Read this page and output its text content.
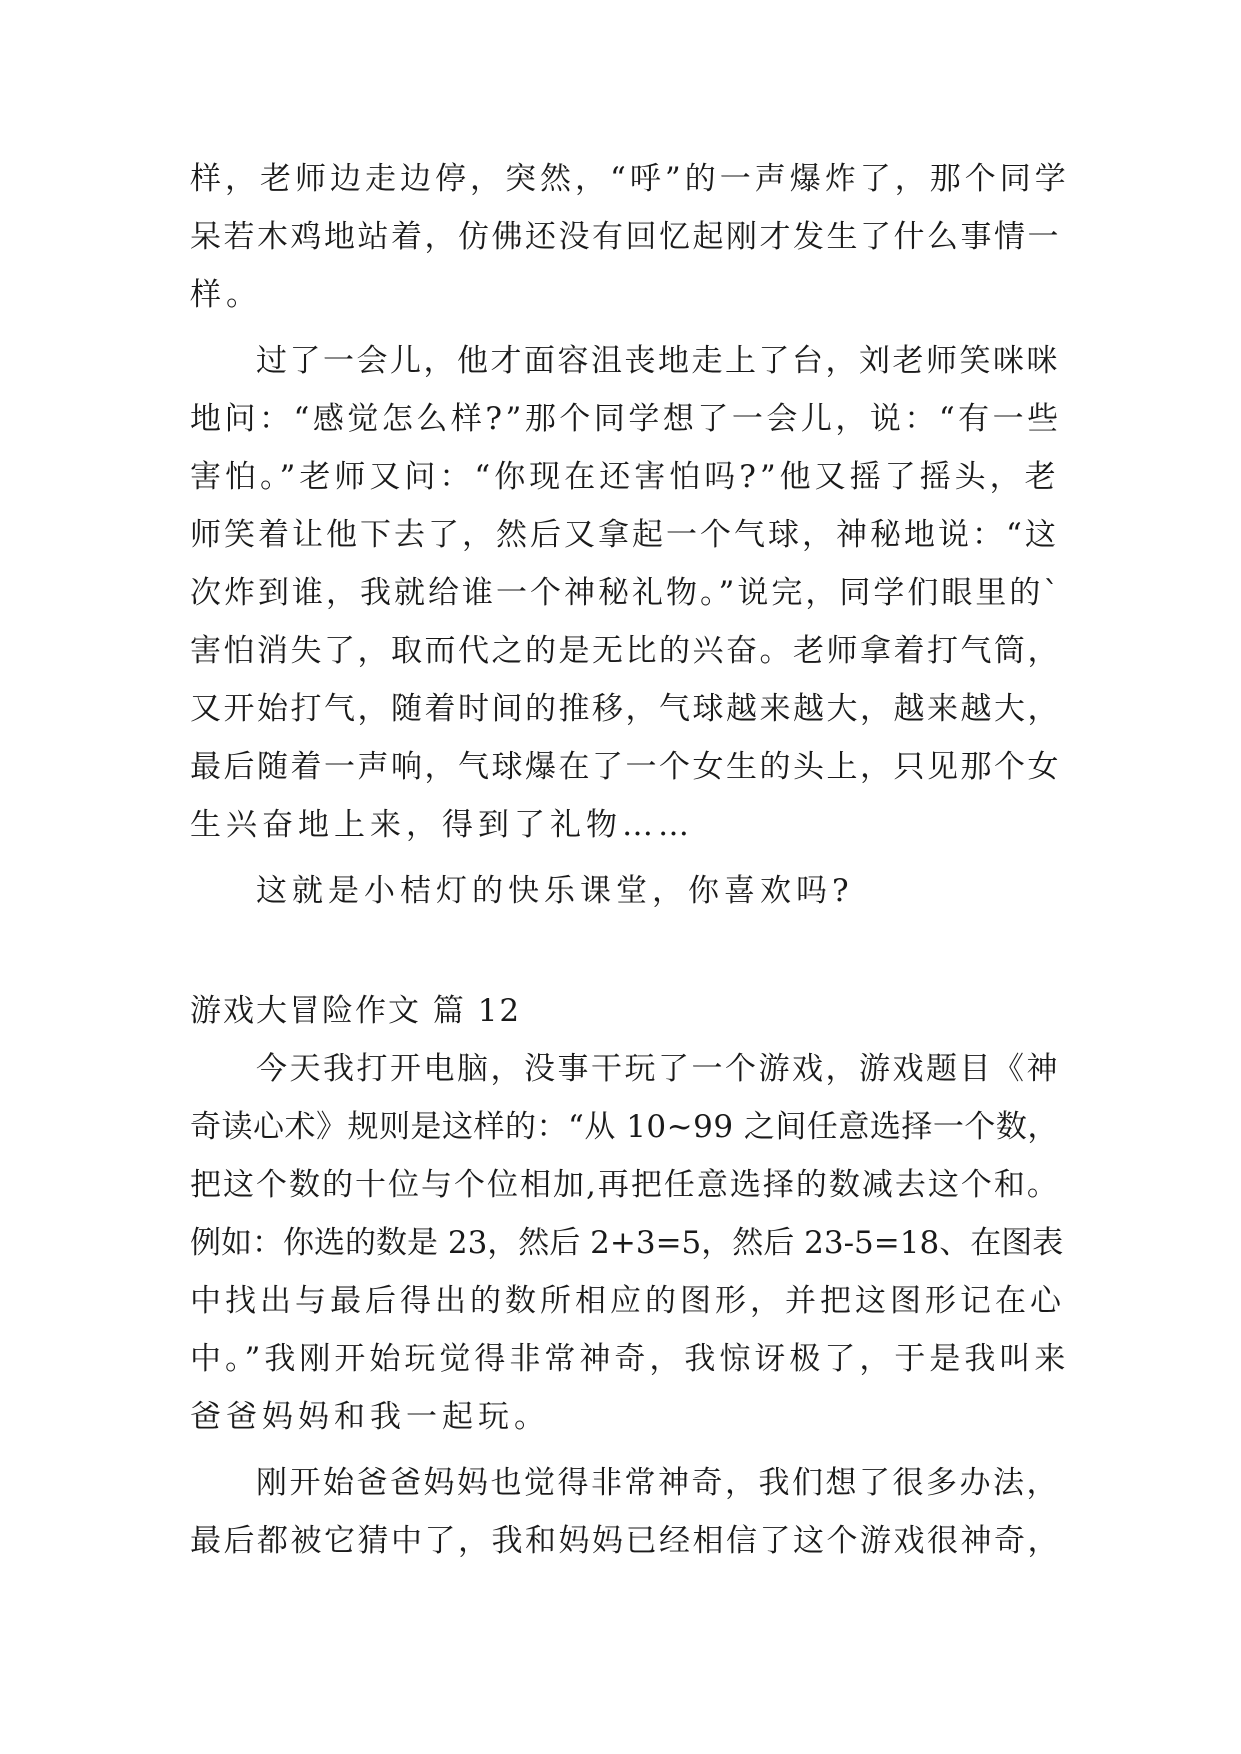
样，老师边走边停，突然，“呼”的一声爆炸了，那个同学
呆若木鸡地站着，仿佛还没有回忆起刚才发生了什么事情一
样。
过了一会儿，他才面容沮丧地走上了台，刘老师笑咪咪
地问：“感觉怎么样?”那个同学想了一会儿，说：“有一些
害怕。”老师又问：“你现在还害怕吗?”他又摇了摇头，老
师笑着让他下去了，然后又拿起一个气球，神秘地说：“这
次炸到谁，我就给谁一个神秘礼物。”说完，同学们眼里的`
害怕消失了，取而代之的是无比的兴奋。老师拿着打气筒，
又开始打气，随着时间的推移，气球越来越大，越来越大，
最后随着一声响，气球爆在了一个女生的头上，只见那个女
生兴奋地上来，得到了礼物……
这就是小桔灯的快乐课堂，你喜欢吗?
游戏大冒险作文 篇 12
今天我打开电脑，没事干玩了一个游戏，游戏题目《神
奇读心术》规则是这样的：“从 10~99 之间任意选择一个数，
把这个数的十位与个位相加,再把任意选择的数减去这个和。
例如：你选的数是 23，然后 2+3=5，然后 23-5=18、在图表
中找出与最后得出的数所相应的图形，并把这图形记在心
中。”我刚开始玩觉得非常神奇，我惊讶极了，于是我叫来
爸爸妈妈和我一起玩。
刚开始爸爸妈妈也觉得非常神奇，我们想了很多办法，
最后都被它猜中了，我和妈妈已经相信了这个游戏很神奇，
